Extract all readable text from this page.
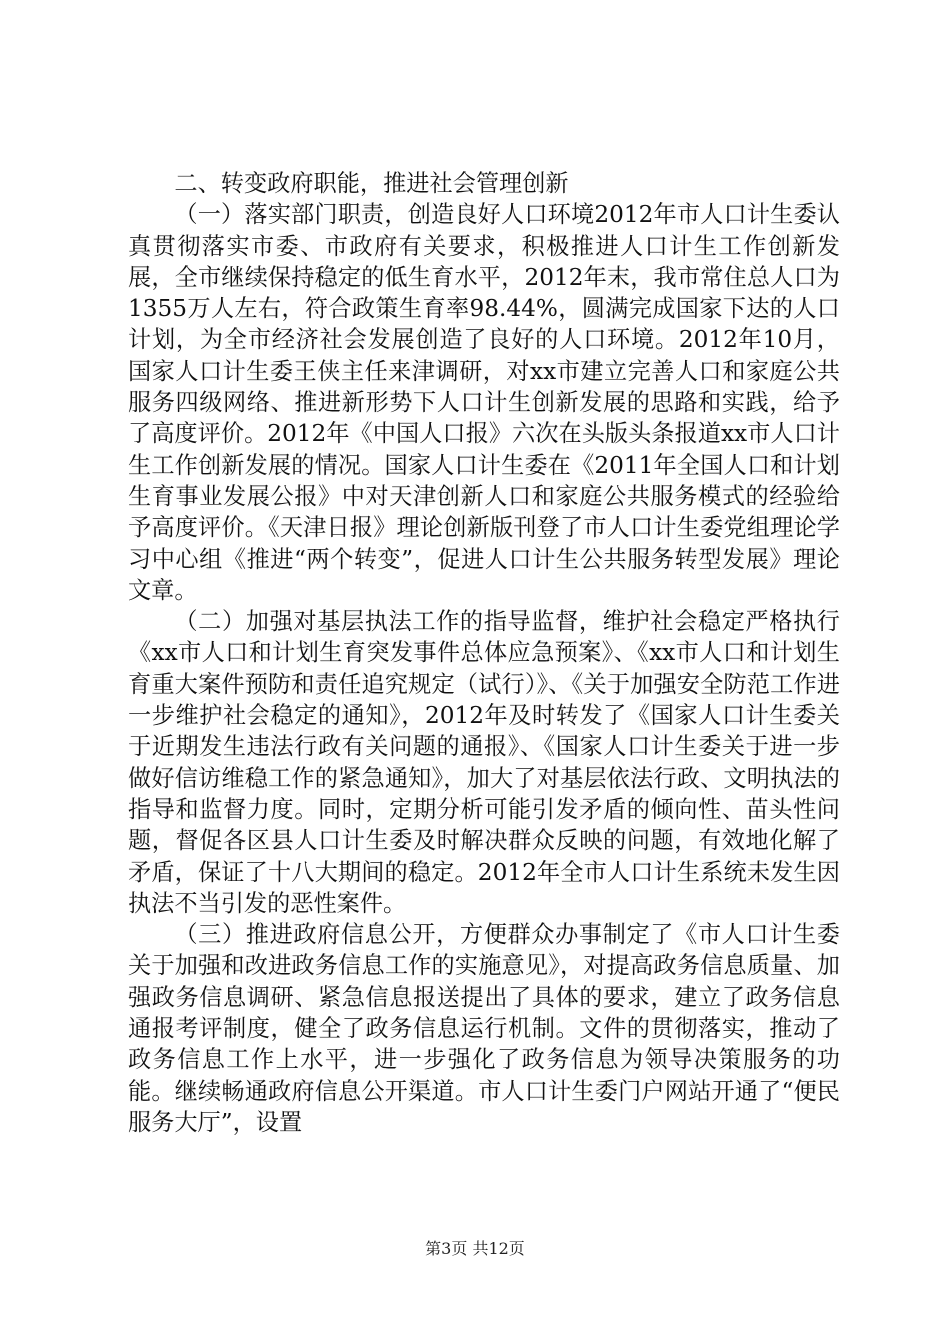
二、转变政府职能，推进社会管理创新

（一）落实部门职责，创造良好人口环境2012年市人口计生委认真贯彻落实市委、市政府有关要求，积极推进人口计生工作创新发展，全市继续保持稳定的低生育水平，2012年末，我市常住总人口为1355万人左右，符合政策生育率98.44%，圆满完成国家下达的人口计划，为全市经济社会发展创造了良好的人口环境。2012年10月，国家人口计生委王侠主任来津调研，对xx市建立完善人口和家庭公共服务四级网络、推进新形势下人口计生创新发展的思路和实践，给予了高度评价。2012年《中国人口报》六次在头版头条报道xx市人口计生工作创新发展的情况。国家人口计生委在《2011年全国人口和计划生育事业发展公报》中对天津创新人口和家庭公共服务模式的经验给予高度评价。《天津日报》理论创新版刊登了市人口计生委党组理论学习中心组《推进“两个转变”，促进人口计生公共服务转型发展》理论文章。

（二）加强对基层执法工作的指导监督，维护社会稳定严格执行《xx市人口和计划生育突发事件总体应急预案》、《xx市人口和计划生育重大案件预防和责任追究规定（试行）》、《关于加强安全防范工作进一步维护社会稳定的通知》，2012年及时转发了《国家人口计生委关于近期发生违法行政有关问题的通报》、《国家人口计生委关于进一步做好信访维稳工作的紧急通知》，加大了对基层依法行政、文明执法的指导和监督力度。同时，定期分析可能引发矛盾的倾向性、苗头性问题，督促各区县人口计生委及时解决群众反映的问题，有效地化解了矛盾，保证了十八大期间的稳定。2012年全市人口计生系统未发生因执法不当引发的恶性案件。

（三）推进政府信息公开，方便群众办事制定了《市人口计生委关于加强和改进政务信息工作的实施意见》，对提高政务信息质量、加强政务信息调研、紧急信息报送提出了具体的要求，建立了政务信息通报考评制度，健全了政务信息运行机制。文件的贯彻落实，推动了政务信息工作上水平，进一步强化了政务信息为领导决策服务的功能。继续畅通政府信息公开渠道。市人口计生委门户网站开通了“便民服务大厅”，设置

第3页 共12页
